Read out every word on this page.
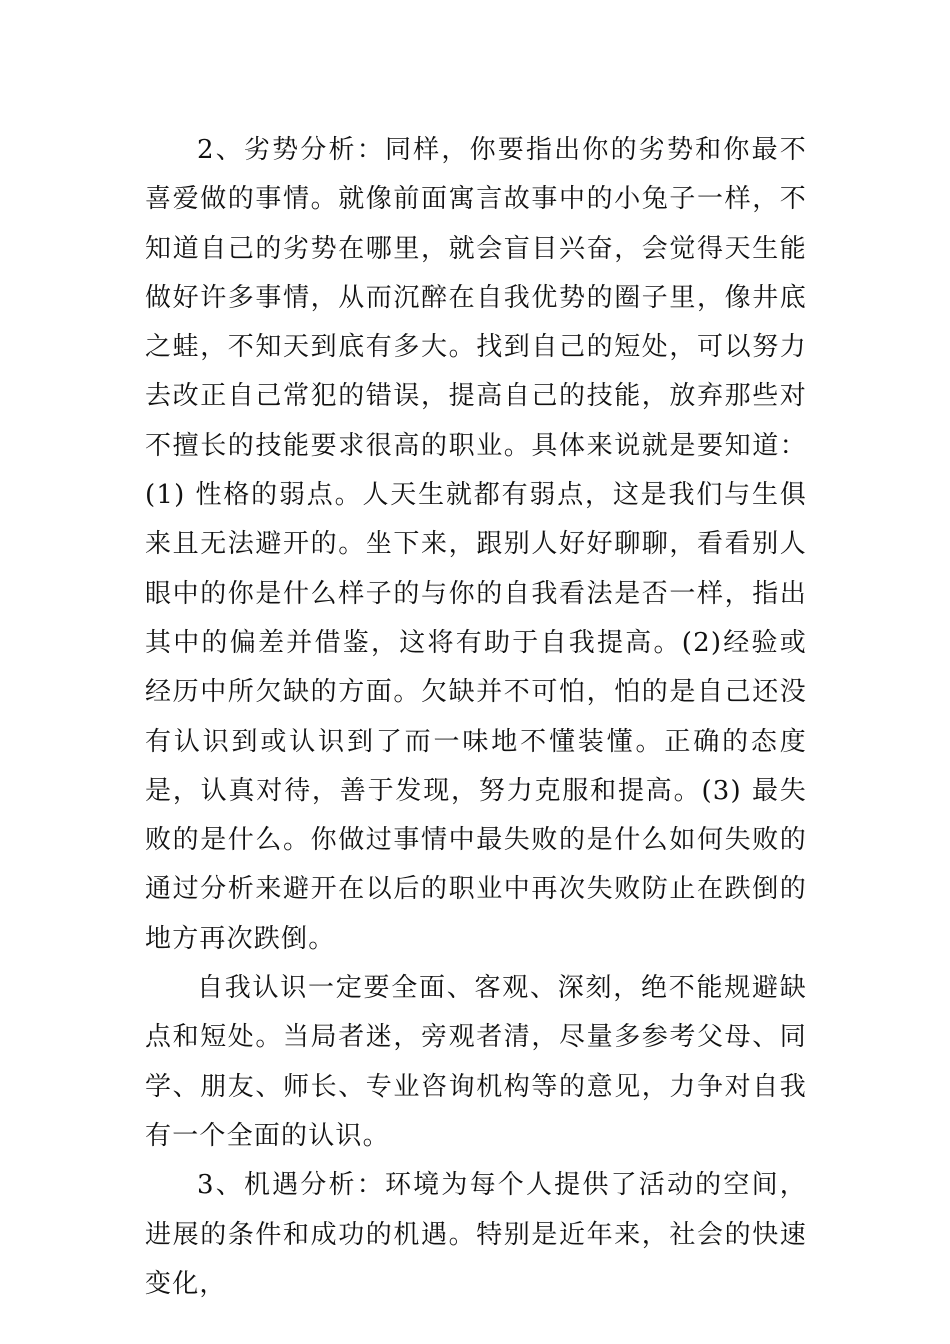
2、劣势分析：同样，你要指出你的劣势和你最不喜爱做的事情。就像前面寓言故事中的小兔子一样，不知道自己的劣势在哪里，就会盲目兴奋，会觉得天生能做好许多事情，从而沉醉在自我优势的圈子里，像井底之蛙，不知天到底有多大。找到自己的短处，可以努力去改正自己常犯的错误，提高自己的技能，放弃那些对不擅长的技能要求很高的职业。具体来说就是要知道：(1) 性格的弱点。人天生就都有弱点，这是我们与生俱来且无法避开的。坐下来，跟别人好好聊聊，看看别人眼中的你是什么样子的与你的自我看法是否一样，指出其中的偏差并借鉴，这将有助于自我提高。(2)经验或经历中所欠缺的方面。欠缺并不可怕，怕的是自己还没有认识到或认识到了而一味地不懂装懂。正确的态度是，认真对待，善于发现，努力克服和提高。(3) 最失败的是什么。你做过事情中最失败的是什么如何失败的通过分析来避开在以后的职业中再次失败防止在跌倒的地方再次跌倒。

自我认识一定要全面、客观、深刻，绝不能规避缺点和短处。当局者迷，旁观者清，尽量多参考父母、同学、朋友、师长、专业咨询机构等的意见，力争对自我有一个全面的认识。

3、机遇分析：环境为每个人提供了活动的空间，进展的条件和成功的机遇。特别是近年来，社会的快速变化，
